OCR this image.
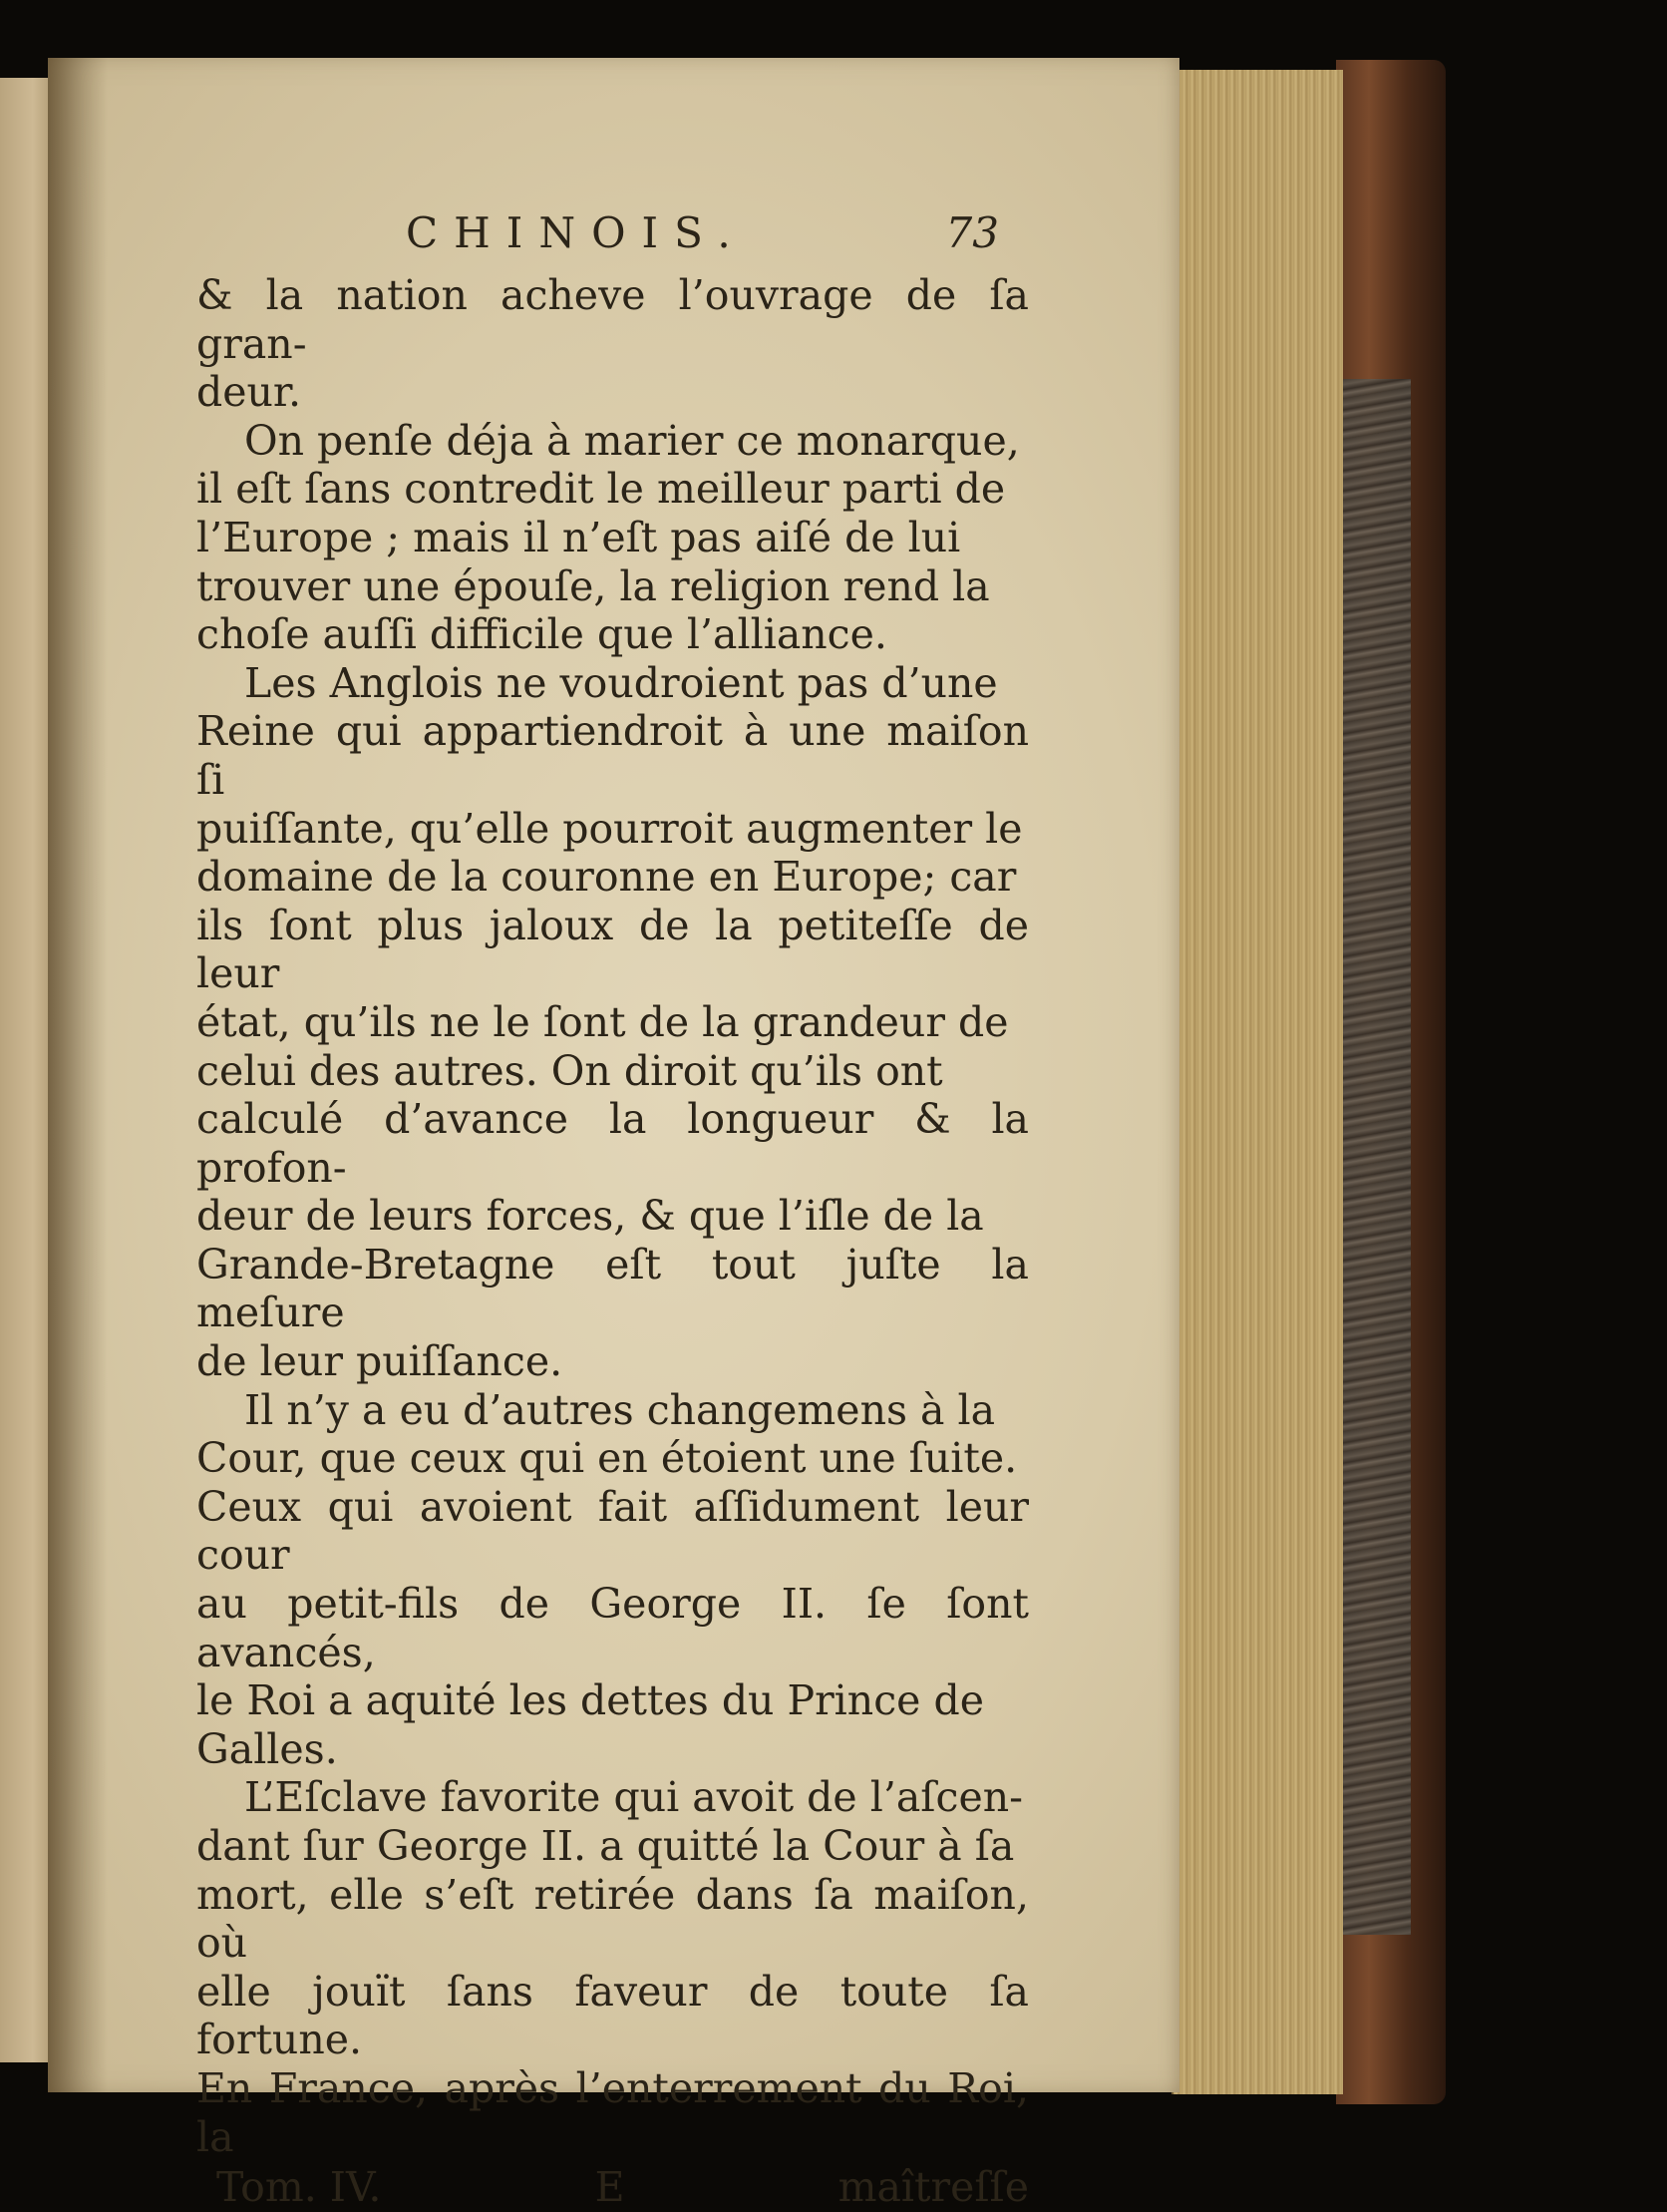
CHINOIS.	73

& la nation acheve l’ouvrage de ſa gran-
deur.

On penſe déja à marier ce monarque,
il eſt ſans contredit le meilleur parti de
l’Europe ; mais il n’eſt pas aiſé de lui
trouver une épouſe, la religion rend la
choſe auſſi difficile que l’alliance.

Les Anglois ne voudroient pas d’une
Reine qui appartiendroit à une maiſon ſi
puiſſante, qu’elle pourroit augmenter le
domaine de la couronne en Europe; car
ils ſont plus jaloux de la petiteſſe de leur
état, qu’ils ne le ſont de la grandeur de
celui des autres. On diroit qu’ils ont
calculé d’avance la longueur & la profon-
deur de leurs forces, & que l’iſle de la
Grande-Bretagne eſt tout juſte la meſure
de leur puiſſance.

Il n’y a eu d’autres changemens à la
Cour, que ceux qui en étoient une ſuite.
Ceux qui avoient fait aſſidument leur cour
au petit-fils de George II. ſe ſont avancés,
le Roi a aquité les dettes du Prince de
Galles.

L’Eſclave favorite qui avoit de l’aſcen-
dant ſur George II. a quitté la Cour à ſa
mort, elle s’eſt retirée dans ſa maiſon, où
elle jouït ſans faveur de toute ſa fortune.
En France, après l’enterrement du Roi, la

Tom. IV.	E	maîtreſſe
